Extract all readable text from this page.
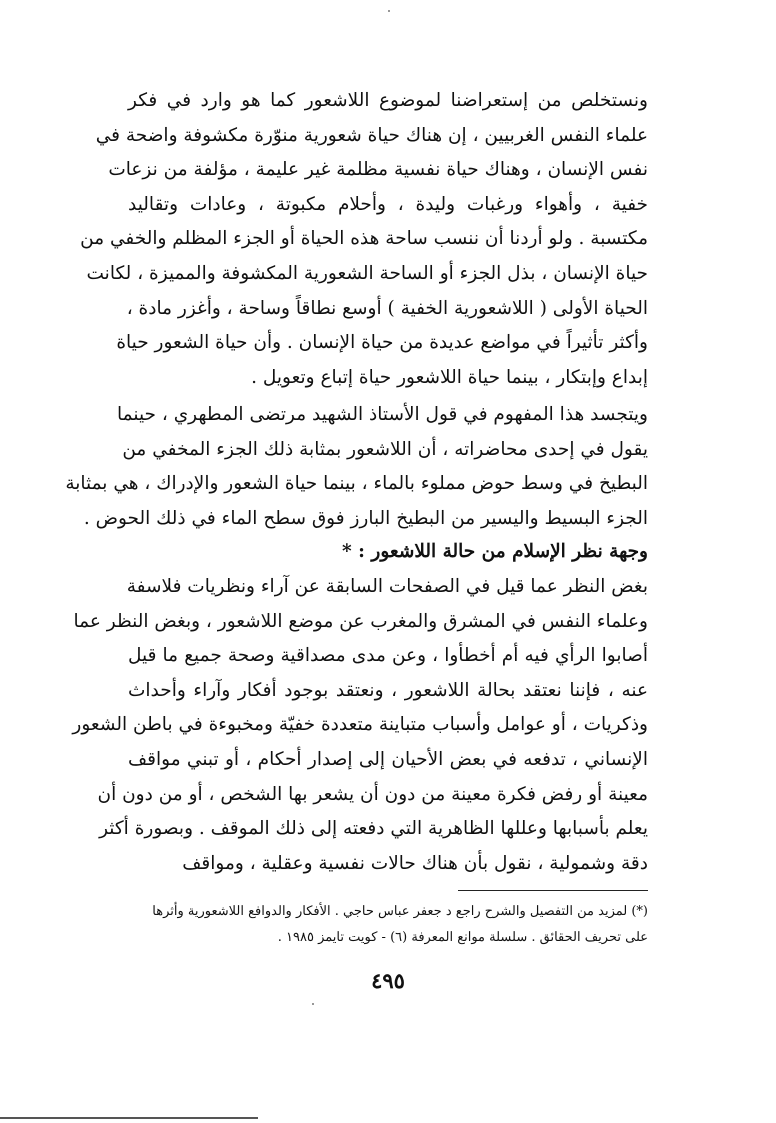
ونستخلص من إستعراضنا لموضوع اللاشعور كما هو وارد في فكر
علماء النفس الغربيين ، إن هناك حياة شعورية منوّرة مكشوفة واضحة في
نفس الإنسان ، وهناك حياة نفسية مظلمة غير عليمة ، مؤلفة من نزعات
خفية ، وأهواء ورغبات وليدة ، وأحلام مكبوتة ، وعادات وتقاليد
مكتسبة . ولو أردنا أن ننسب ساحة هذه الحياة أو الجزء المظلم والخفي من
حياة الإنسان ، بذل الجزء أو الساحة الشعورية المكشوفة والمميزة ، لكانت
الحياة الأولى ( اللاشعورية الخفية ) أوسع نطاقاً وساحة ، وأغزر مادة ،
وأكثر تأثيراً في مواضع عديدة من حياة الإنسان . وأن حياة الشعور حياة
إبداع وإبتكار ، بينما حياة اللاشعور حياة إتباع وتعويل .
ويتجسد هذا المفهوم في قول الأستاذ الشهيد مرتضى المطهري ، حينما
يقول في إحدى محاضراته ، أن اللاشعور بمثابة ذلك الجزء المخفي من
البطيخ في وسط حوض مملوء بالماء ، بينما حياة الشعور والإدراك ، هي بمثابة
الجزء البسيط واليسير من البطيخ البارز فوق سطح الماء في ذلك الحوض .
وجهة نظر الإسلام من حالة اللاشعور : *
بغض النظر عما قيل في الصفحات السابقة عن آراء ونظريات فلاسفة
وعلماء النفس في المشرق والمغرب عن موضع اللاشعور ، وبغض النظر عما
أصابوا الرأي فيه أم أخطأوا ، وعن مدى مصداقية وصحة جميع ما قيل
عنه ، فإننا نعتقد بحالة اللاشعور ، ونعتقد بوجود أفكار وآراء وأحداث
وذكريات ، أو عوامل وأسباب متباينة متعددة خفيّة ومخبوءة في باطن الشعور
الإنساني ، تدفعه في بعض الأحيان إلى إصدار أحكام ، أو تبني مواقف
معينة أو رفض فكرة معينة من دون أن يشعر بها الشخص ، أو من دون أن
يعلم بأسبابها وعللها الظاهرية التي دفعته إلى ذلك الموقف . وبصورة أكثر
دقة وشمولية ، نقول بأن هناك حالات نفسية وعقلية ، ومواقف
(*) لمزيد من التفصيل والشرح راجع د جعفر عباس حاجي . الأفكار والدوافع اللاشعورية وأثرها
على تحريف الحقائق . سلسلة موانع المعرفة (٦) - كويت تايمز ١٩٨٥ .
٤٩٥
